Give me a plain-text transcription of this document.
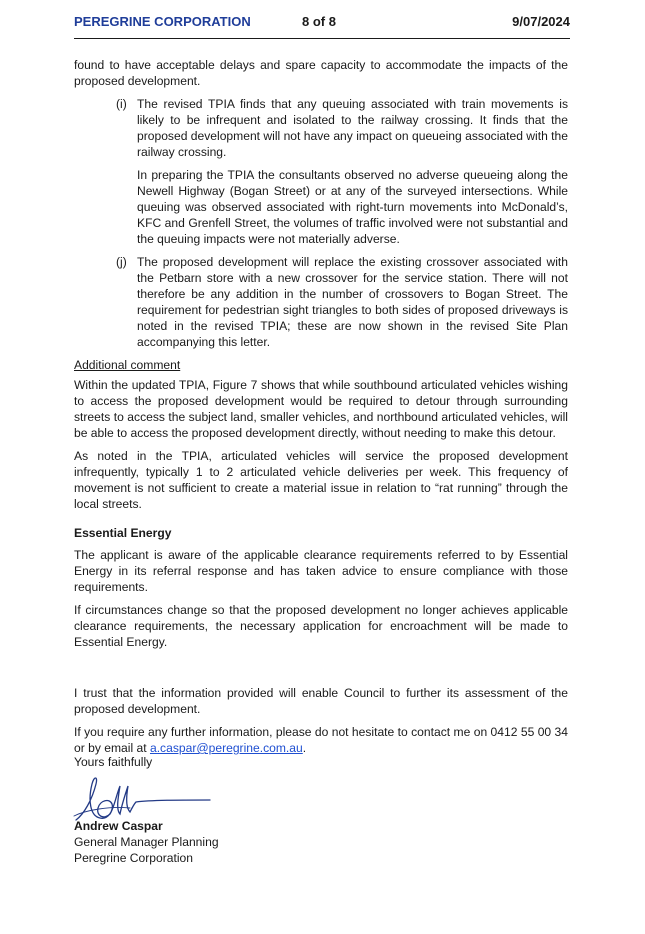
PEREGRINE CORPORATION	8 of 8	9/07/2024

found to have acceptable delays and spare capacity to accommodate the impacts of the proposed development.

(i) The revised TPIA finds that any queuing associated with train movements is likely to be infrequent and isolated to the railway crossing. It finds that the proposed development will not have any impact on queueing associated with the railway crossing.

In preparing the TPIA the consultants observed no adverse queueing along the Newell Highway (Bogan Street) or at any of the surveyed intersections. While queuing was observed associated with right-turn movements into McDonald’s, KFC and Grenfell Street, the volumes of traffic involved were not substantial and the queuing impacts were not materially adverse.

(j) The proposed development will replace the existing crossover associated with the Petbarn store with a new crossover for the service station. There will not therefore be any addition in the number of crossovers to Bogan Street. The requirement for pedestrian sight triangles to both sides of proposed driveways is noted in the revised TPIA; these are now shown in the revised Site Plan accompanying this letter.

Additional comment

Within the updated TPIA, Figure 7 shows that while southbound articulated vehicles wishing to access the proposed development would be required to detour through surrounding streets to access the subject land, smaller vehicles, and northbound articulated vehicles, will be able to access the proposed development directly, without needing to make this detour.

As noted in the TPIA, articulated vehicles will service the proposed development infrequently, typically 1 to 2 articulated vehicle deliveries per week. This frequency of movement is not sufficient to create a material issue in relation to “rat running” through the local streets.

Essential Energy

The applicant is aware of the applicable clearance requirements referred to by Essential Energy in its referral response and has taken advice to ensure compliance with those requirements.

If circumstances change so that the proposed development no longer achieves applicable clearance requirements, the necessary application for encroachment will be made to Essential Energy.

I trust that the information provided will enable Council to further its assessment of the proposed development.

If you require any further information, please do not hesitate to contact me on 0412 55 00 34 or by email at a.caspar@peregrine.com.au.

Yours faithfully
Andrew Caspar
General Manager Planning
Peregrine Corporation
